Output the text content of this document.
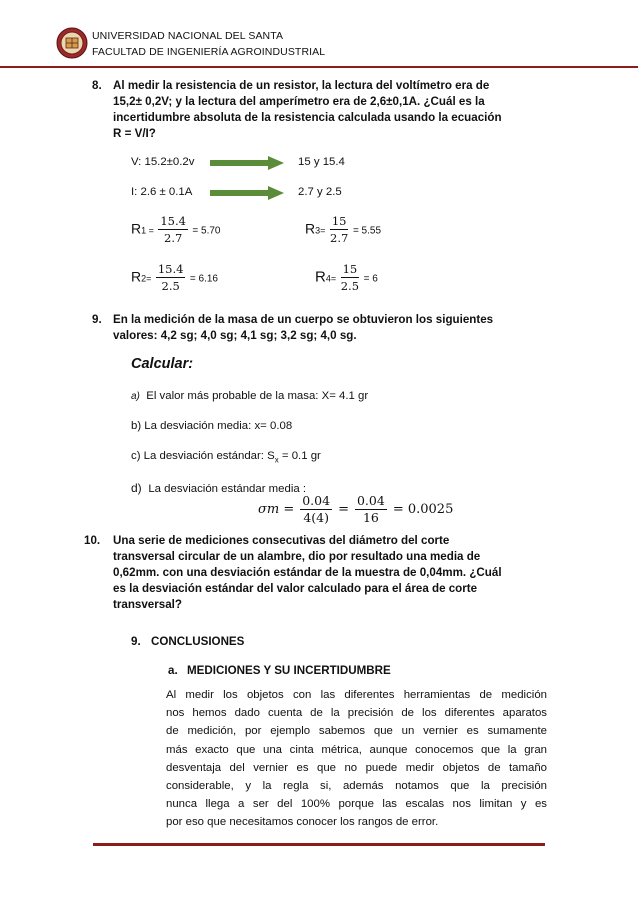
UNIVERSIDAD NACIONAL DEL SANTA
FACULTAD DE INGENIERÍA AGROINDUSTRIAL
8. Al medir la resistencia de un resistor, la lectura del voltímetro era de
15,2± 0,2V; y la lectura del amperímetro era de 2,6±0,1A. ¿Cuál es la
incertidumbre absoluta de la resistencia calculada usando la ecuación
R = V/I?
V: 15.2±0.2v	15 y 15.4
I: 2.6 ± 0.1A	2.7 y 2.5
$R1 = \frac{15.4}{2.7} = 5.70$	$R3= \frac{15}{2.7} = 5.55$
$R2= \frac{15.4}{2.5} = 6.16$	$R4= \frac{15}{2.5} = 6$
9. En la medición de la masa de un cuerpo se obtuvieron los siguientes
valores: 4,2 sg; 4,0 sg; 4,1 sg; 3,2 sg; 4,0 sg.
Calcular:
a) El valor más probable de la masa: X= 4.1 gr
b) La desviación media: x= 0.08
c) La desviación estándar: $S_x = 0.1$ gr
d) La desviación estándar media :
$\sigma m = \frac{0.04}{4(4)} = \frac{0.04}{16} = 0.0025$
10. Una serie de mediciones consecutivas del diámetro del corte
transversal circular de un alambre, dio por resultado una media de
0,62mm. con una desviación estándar de la muestra de 0,04mm. ¿Cuál
es la desviación estándar del valor calculado para el área de corte
transversal?
9. CONCLUSIONES
a. MEDICIONES Y SU INCERTIDUMBRE
Al medir los objetos con las diferentes herramientas de medición
nos hemos dado cuenta de la precisión de los diferentes aparatos
de medición, por ejemplo sabemos que un vernier es sumamente
más exacto que una cinta métrica, aunque conocemos que la gran
desventaja del vernier es que no puede medir objetos de tamaño
considerable, y la regla si, además notamos que la precisión
nunca llega a ser del 100% porque las escalas nos limitan y es
por eso que necesitamos conocer los rangos de error.
